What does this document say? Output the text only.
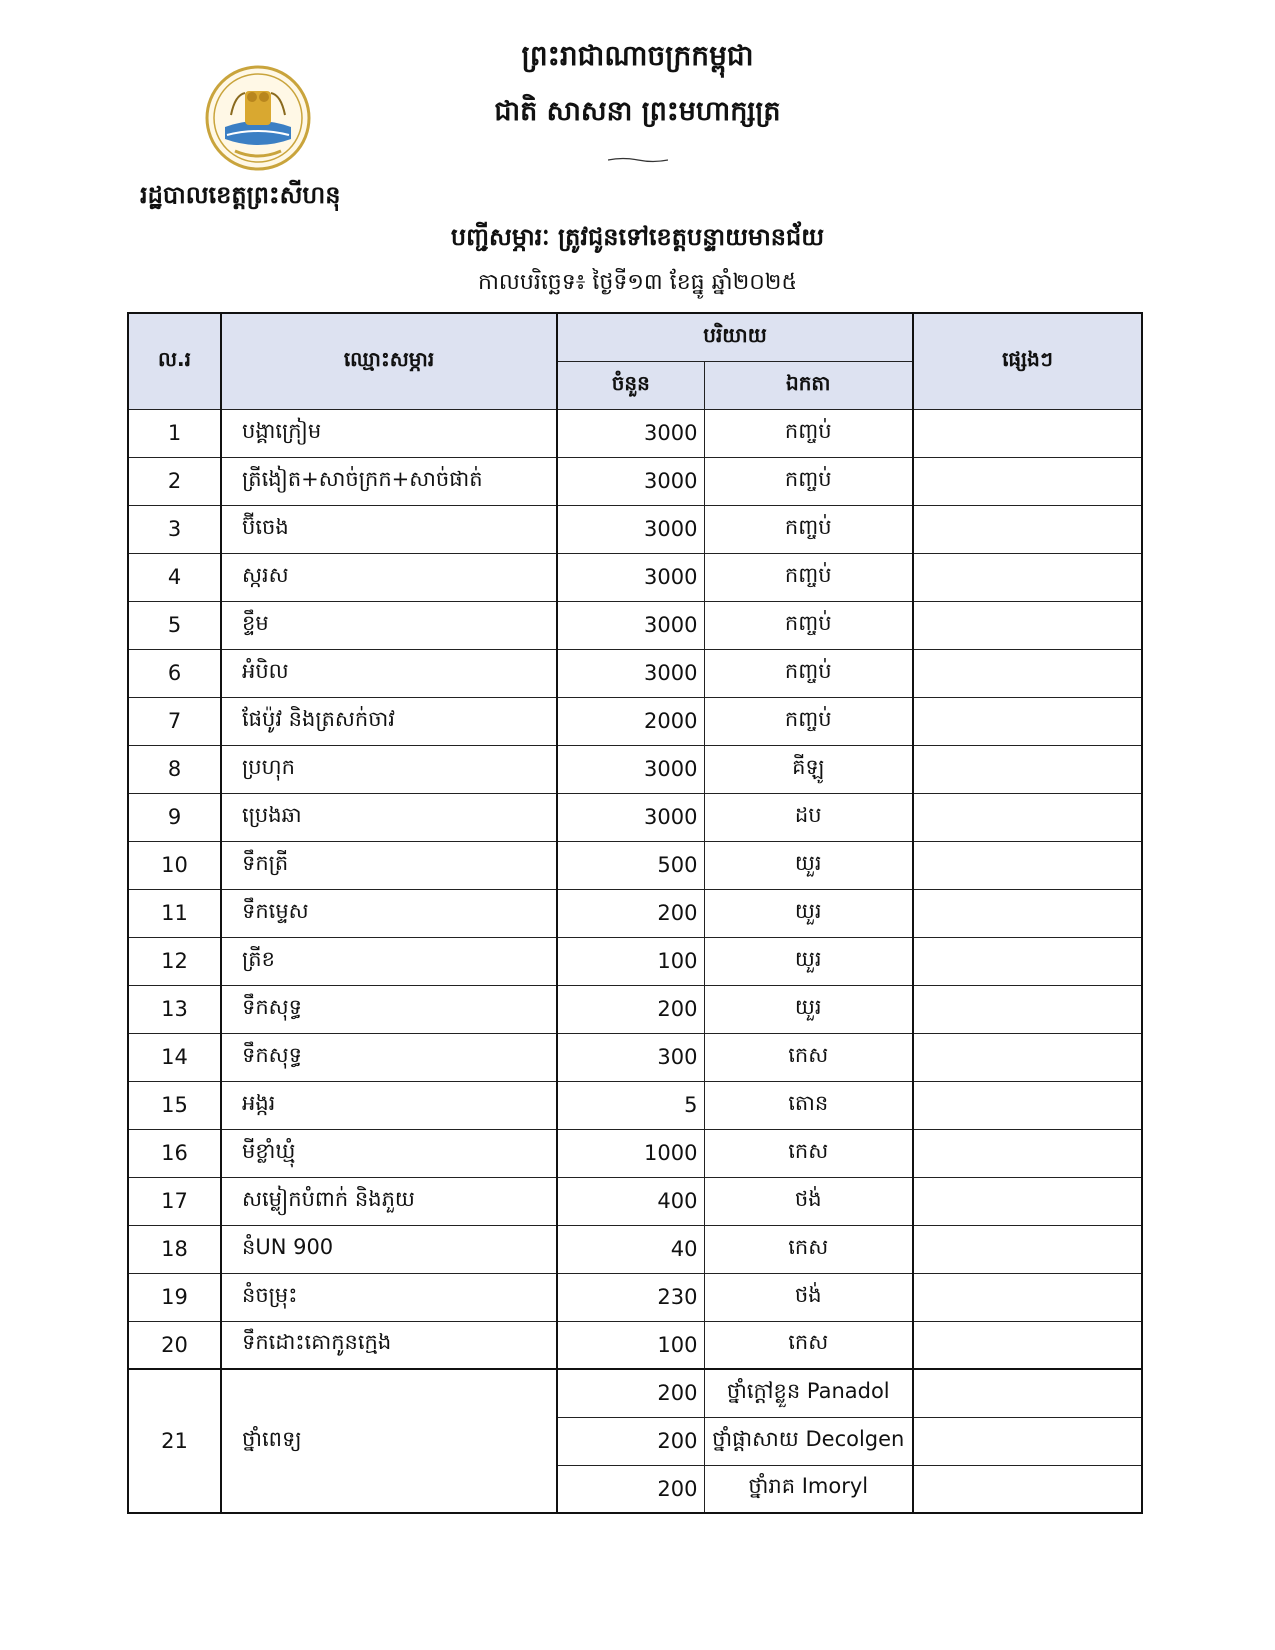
ព្រះរាជាណាចក្រកម្ពុជា
ជាតិ សាសនា ព្រះមហាក្សត្រ
រដ្ឋបាលខេត្តព្រះសីហនុ
បញ្ជីសម្ភារៈ ត្រូវជូនទៅខេត្តបន្ទាយមានជ័យ
កាលបរិច្ឆេទ៖ ថ្ងៃទី១៣ ខែធ្នូ ឆ្នាំ២០២៥
ល.រ	ឈ្មោះសម្ភារ	បរិយាយ		ផ្សេងៗ
		ចំនួន	ឯកតា	
1	បង្គាក្រៀម	3000	កញ្ចប់	
2	ត្រីងៀត+សាច់ក្រក+សាច់ផាត់	3000	កញ្ចប់	
3	ប៊ីចេង	3000	កញ្ចប់	
4	ស្ករស	3000	កញ្ចប់	
5	ខ្ទឹម	3000	កញ្ចប់	
6	អំបិល	3000	កញ្ចប់	
7	ផែប៉ូវ និងត្រសក់ចាវ	2000	កញ្ចប់	
8	ប្រហុក	3000	គីឡូ	
9	ប្រេងឆា	3000	ដប	
10	ទឹកត្រី	500	យួរ	
11	ទឹកម្ទេស	200	យួរ	
12	ត្រីខ	100	យួរ	
13	ទឹកសុទ្ធ	200	យួរ	
14	ទឹកសុទ្ធ	300	កេស	
15	អង្ករ	5	តោន	
16	មីខ្លាំឃ្មុំ	1000	កេស	
17	សម្លៀកបំពាក់ និងភួយ	400	ថង់	
18	នំUN 900	40	កេស	
19	នំចម្រុះ	230	ថង់	
20	ទឹកដោះគោកូនក្មេង	100	កេស	
21	ថ្នាំពេទ្យ	200	ថ្នាំក្ដៅខ្លួន Panadol	
		200	ថ្នាំផ្ដាសាយ Decolgen	
		200	ថ្នាំរាគ Imoryl	
